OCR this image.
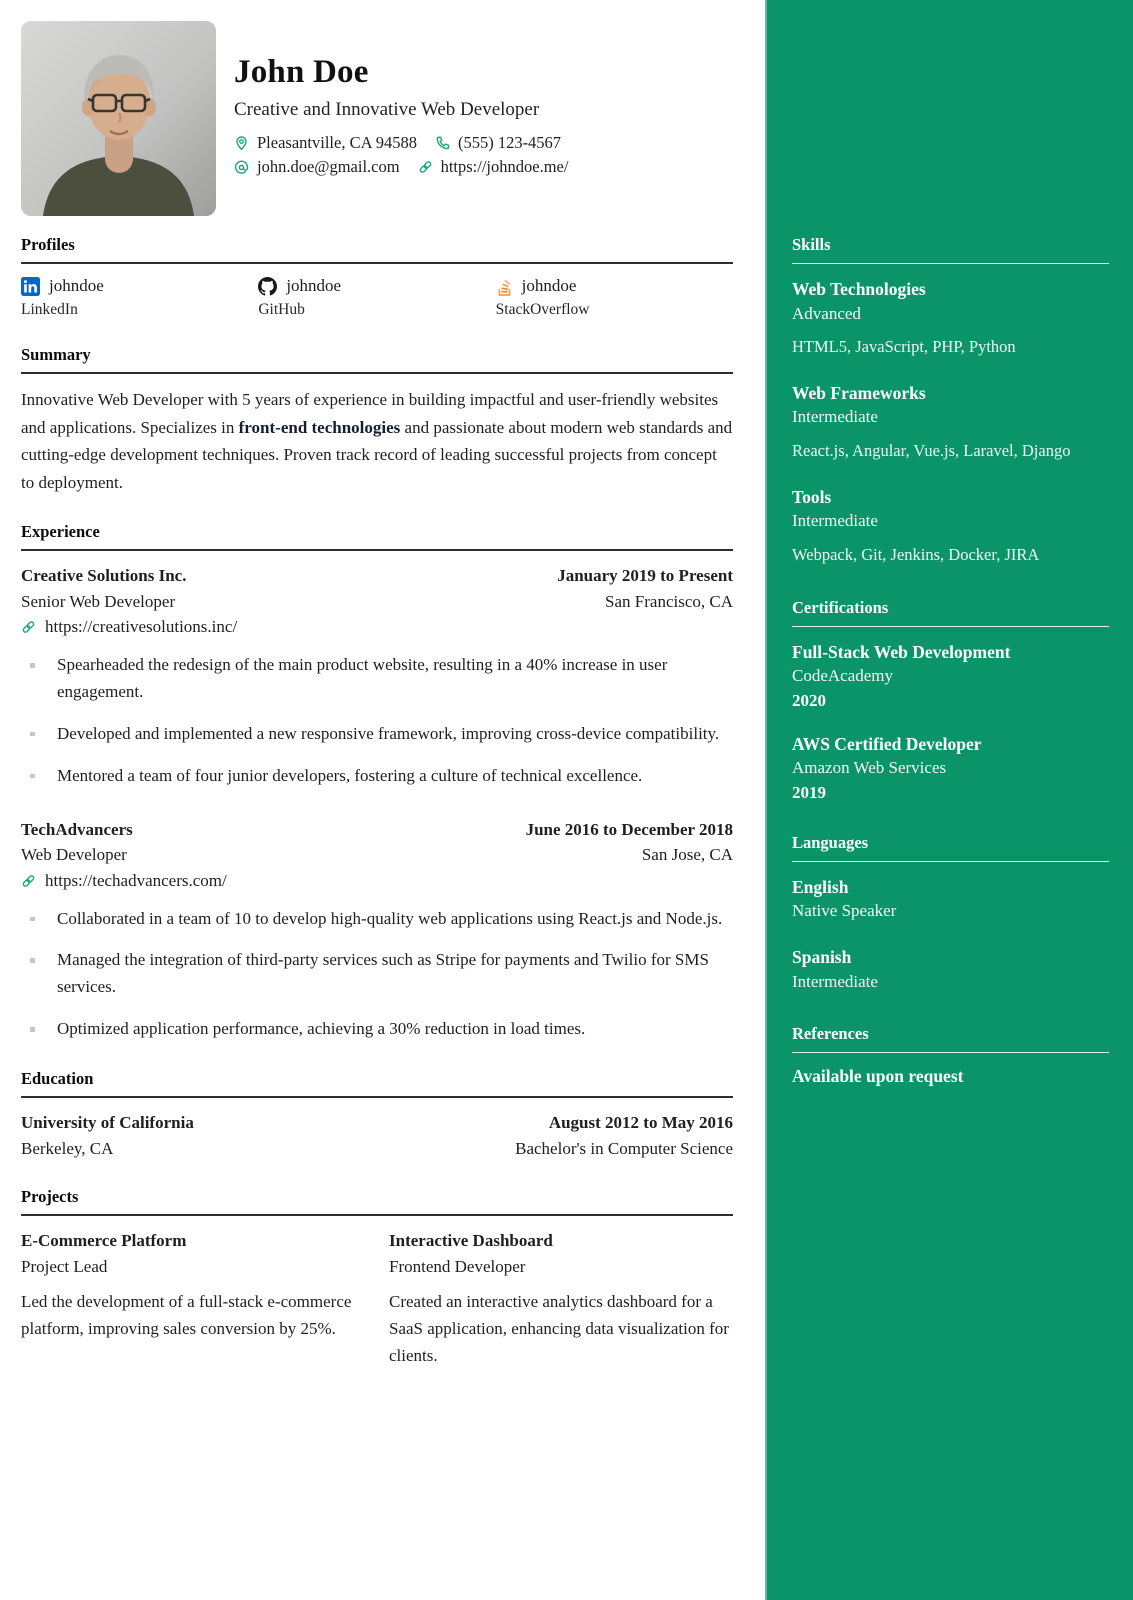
John Doe
Creative and Innovative Web Developer
Pleasantville, CA 94588 (555) 123-4567
john.doe@gmail.com https://johndoe.me/
Profiles
johndoe
LinkedIn
johndoe
GitHub
johndoe
StackOverflow
Summary

Innovative Web Developer with 5 years of experience in building impactful and user-friendly websites and applications. Specializes in front-end technologies and passionate about modern web standards and cutting-edge development techniques. Proven track record of leading successful projects from concept to deployment.

Experience
Creative Solutions Inc.	January 2019 to Present
Senior Web Developer	San Francisco, CA
https://creativesolutions.inc/
Spearheaded the redesign of the main product website, resulting in a 40% increase in user engagement.
Developed and implemented a new responsive framework, improving cross-device compatibility.
Mentored a team of four junior developers, fostering a culture of technical excellence.
TechAdvancers	June 2016 to December 2018
Web Developer	San Jose, CA
https://techadvancers.com/
Collaborated in a team of 10 to develop high-quality web applications using React.js and Node.js.
Managed the integration of third-party services such as Stripe for payments and Twilio for SMS services.
Optimized application performance, achieving a 30% reduction in load times.
Education
University of California	August 2012 to May 2016
Berkeley, CA	Bachelor's in Computer Science
Projects
E-Commerce Platform
Project Lead

Led the development of a full-stack e-commerce platform, improving sales conversion by 25%.

Interactive Dashboard
Frontend Developer

Created an interactive analytics dashboard for a SaaS application, enhancing data visualization for clients.

Skills
Web Technologies
Advanced
HTML5, JavaScript, PHP, Python
Web Frameworks
Intermediate
React.js, Angular, Vue.js, Laravel, Django
Tools
Intermediate
Webpack, Git, Jenkins, Docker, JIRA
Certifications
Full-Stack Web Development
CodeAcademy
2020
AWS Certified Developer
Amazon Web Services
2019
Languages
English
Native Speaker
Spanish
Intermediate
References
Available upon request
